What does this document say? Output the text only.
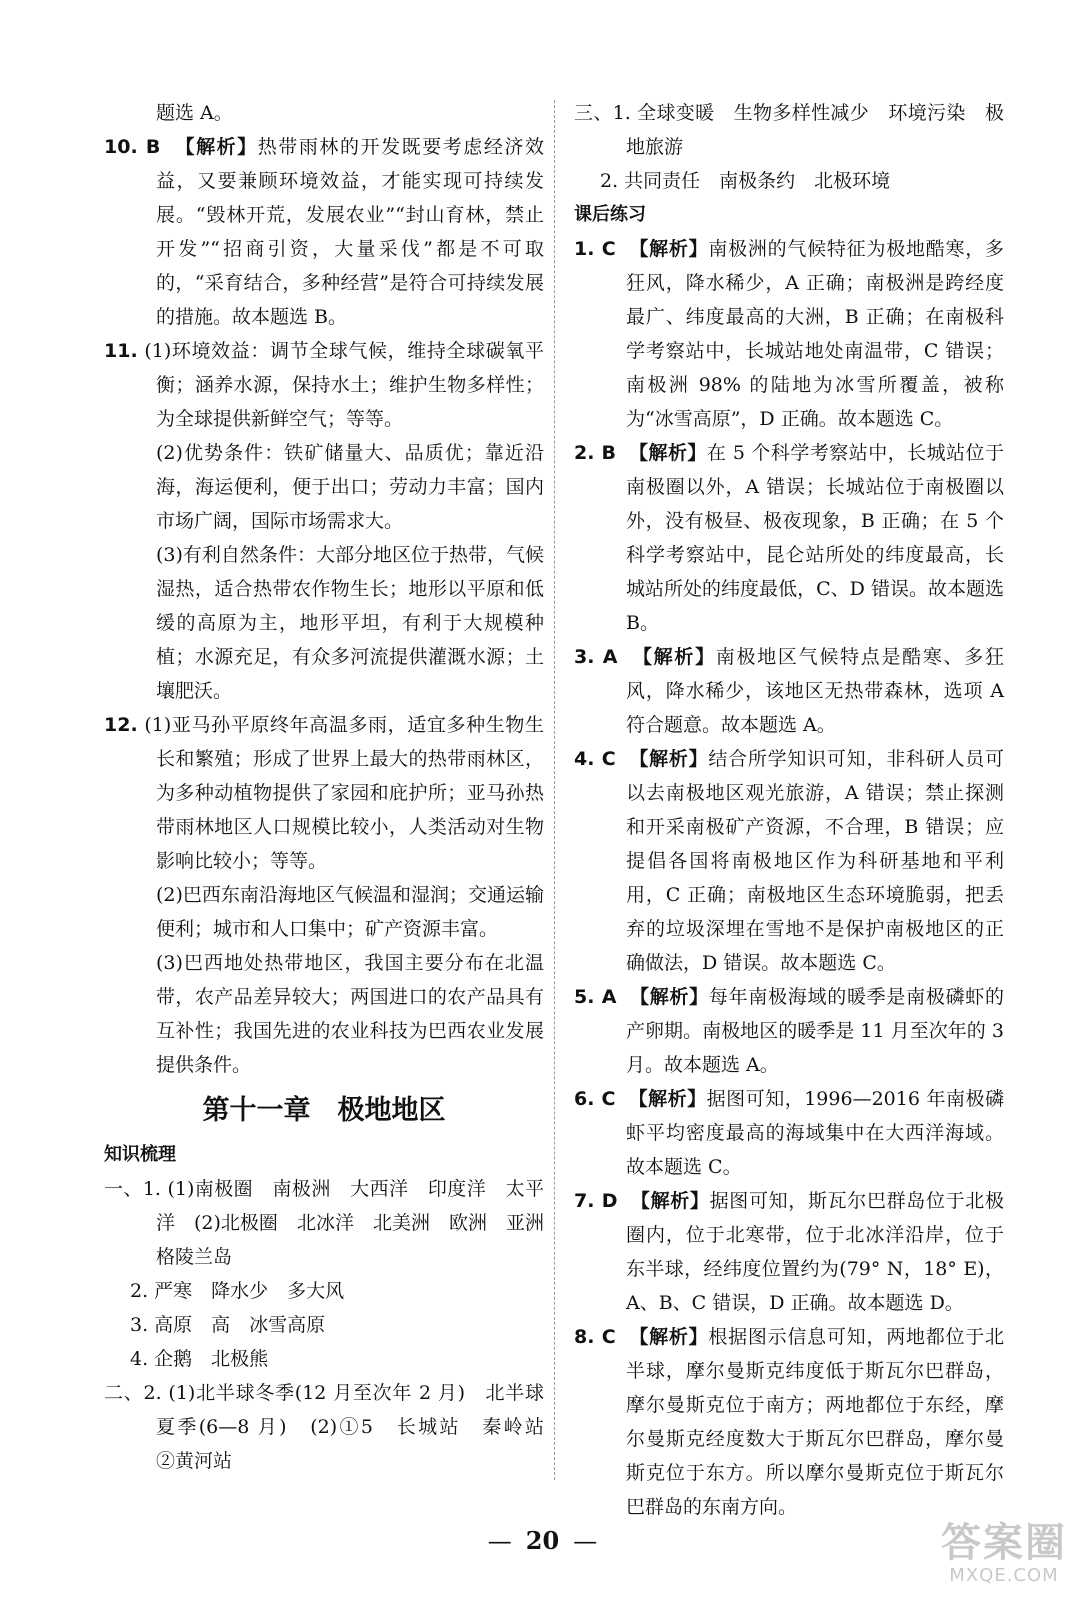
题选 A。

10. B 【解析】热带雨林的开发既要考虑经济效益，又要兼顾环境效益，才能实现可持续发展。“毁林开荒，发展农业”“封山育林，禁止开发”“招商引资，大量采伐”都是不可取的，“采育结合，多种经营”是符合可持续发展的措施。故本题选 B。

11. (1)环境效益：调节全球气候，维持全球碳氧平衡；涵养水源，保持水土；维护生物多样性；为全球提供新鲜空气；等等。

(2)优势条件：铁矿储量大、品质优；靠近沿海，海运便利，便于出口；劳动力丰富；国内市场广阔，国际市场需求大。

(3)有利自然条件：大部分地区位于热带，气候湿热，适合热带农作物生长；地形以平原和低缓的高原为主，地形平坦，有利于大规模种植；水源充足，有众多河流提供灌溉水源；土壤肥沃。

12. (1)亚马孙平原终年高温多雨，适宜多种生物生长和繁殖；形成了世界上最大的热带雨林区，为多种动植物提供了家园和庇护所；亚马孙热带雨林地区人口规模比较小，人类活动对生物影响比较小；等等。

(2)巴西东南沿海地区气候温和湿润；交通运输便利；城市和人口集中；矿产资源丰富。

(3)巴西地处热带地区，我国主要分布在北温带，农产品差异较大；两国进口的农产品具有互补性；我国先进的农业科技为巴西农业发展提供条件。

第十一章　极地地区
知识梳理

一、1. (1)南极圈　南极洲　大西洋　印度洋　太平洋　(2)北极圈　北冰洋　北美洲　欧洲　亚洲　格陵兰岛

2. 严寒　降水少　多大风

3. 高原　高　冰雪高原

4. 企鹅　北极熊

二、2. (1)北半球冬季(12 月至次年 2 月)　北半球夏季(6—8 月)　(2)①5　长城站　秦岭站　②黄河站

三、1. 全球变暖　生物多样性减少　环境污染　极地旅游

2. 共同责任　南极条约　北极环境

课后练习

1. C 【解析】南极洲的气候特征为极地酷寒，多狂风，降水稀少，A 正确；南极洲是跨经度最广、纬度最高的大洲，B 正确；在南极科学考察站中，长城站地处南温带，C 错误；南极洲 98% 的陆地为冰雪所覆盖，被称为“冰雪高原”，D 正确。故本题选 C。

2. B 【解析】在 5 个科学考察站中，长城站位于南极圈以外，A 错误；长城站位于南极圈以外，没有极昼、极夜现象，B 正确；在 5 个科学考察站中，昆仑站所处的纬度最高，长城站所处的纬度最低，C、D 错误。故本题选 B。

3. A 【解析】南极地区气候特点是酷寒、多狂风，降水稀少，该地区无热带森林，选项 A 符合题意。故本题选 A。

4. C 【解析】结合所学知识可知，非科研人员可以去南极地区观光旅游，A 错误；禁止探测和开采南极矿产资源，不合理，B 错误；应提倡各国将南极地区作为科研基地和平利用，C 正确；南极地区生态环境脆弱，把丢弃的垃圾深埋在雪地不是保护南极地区的正确做法，D 错误。故本题选 C。

5. A 【解析】每年南极海域的暖季是南极磷虾的产卵期。南极地区的暖季是 11 月至次年的 3 月。故本题选 A。

6. C 【解析】据图可知，1996—2016 年南极磷虾平均密度最高的海域集中在大西洋海域。故本题选 C。

7. D 【解析】据图可知，斯瓦尔巴群岛位于北极圈内，位于北寒带，位于北冰洋沿岸，位于东半球，经纬度位置约为(79° N，18° E)，A、B、C 错误，D 正确。故本题选 D。

8. C 【解析】根据图示信息可知，两地都位于北半球，摩尔曼斯克纬度低于斯瓦尔巴群岛，摩尔曼斯克位于南方；两地都位于东经，摩尔曼斯克经度数大于斯瓦尔巴群岛，摩尔曼斯克位于东方。所以摩尔曼斯克位于斯瓦尔巴群岛的东南方向。

— 20 —	答案圈
MXQE.COM
